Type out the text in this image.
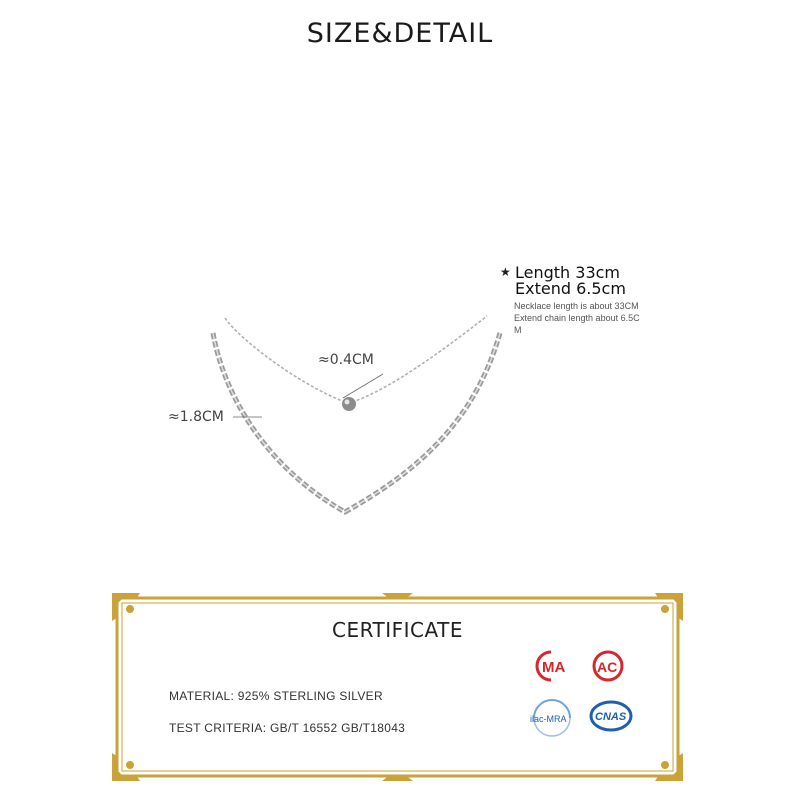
SIZE&DETAIL
≈0.4CM
≈1.8CM
★ Length 33cm
Extend 6.5cm
Necklace length is about 33CM Extend chain length about 6.5CM
CERTIFICATE
MATERIAL: 925% STERLING SILVER
TEST CRITERIA: GB/T 16552 GB/T18043
MA AC
ilac-MRA	CNAS
